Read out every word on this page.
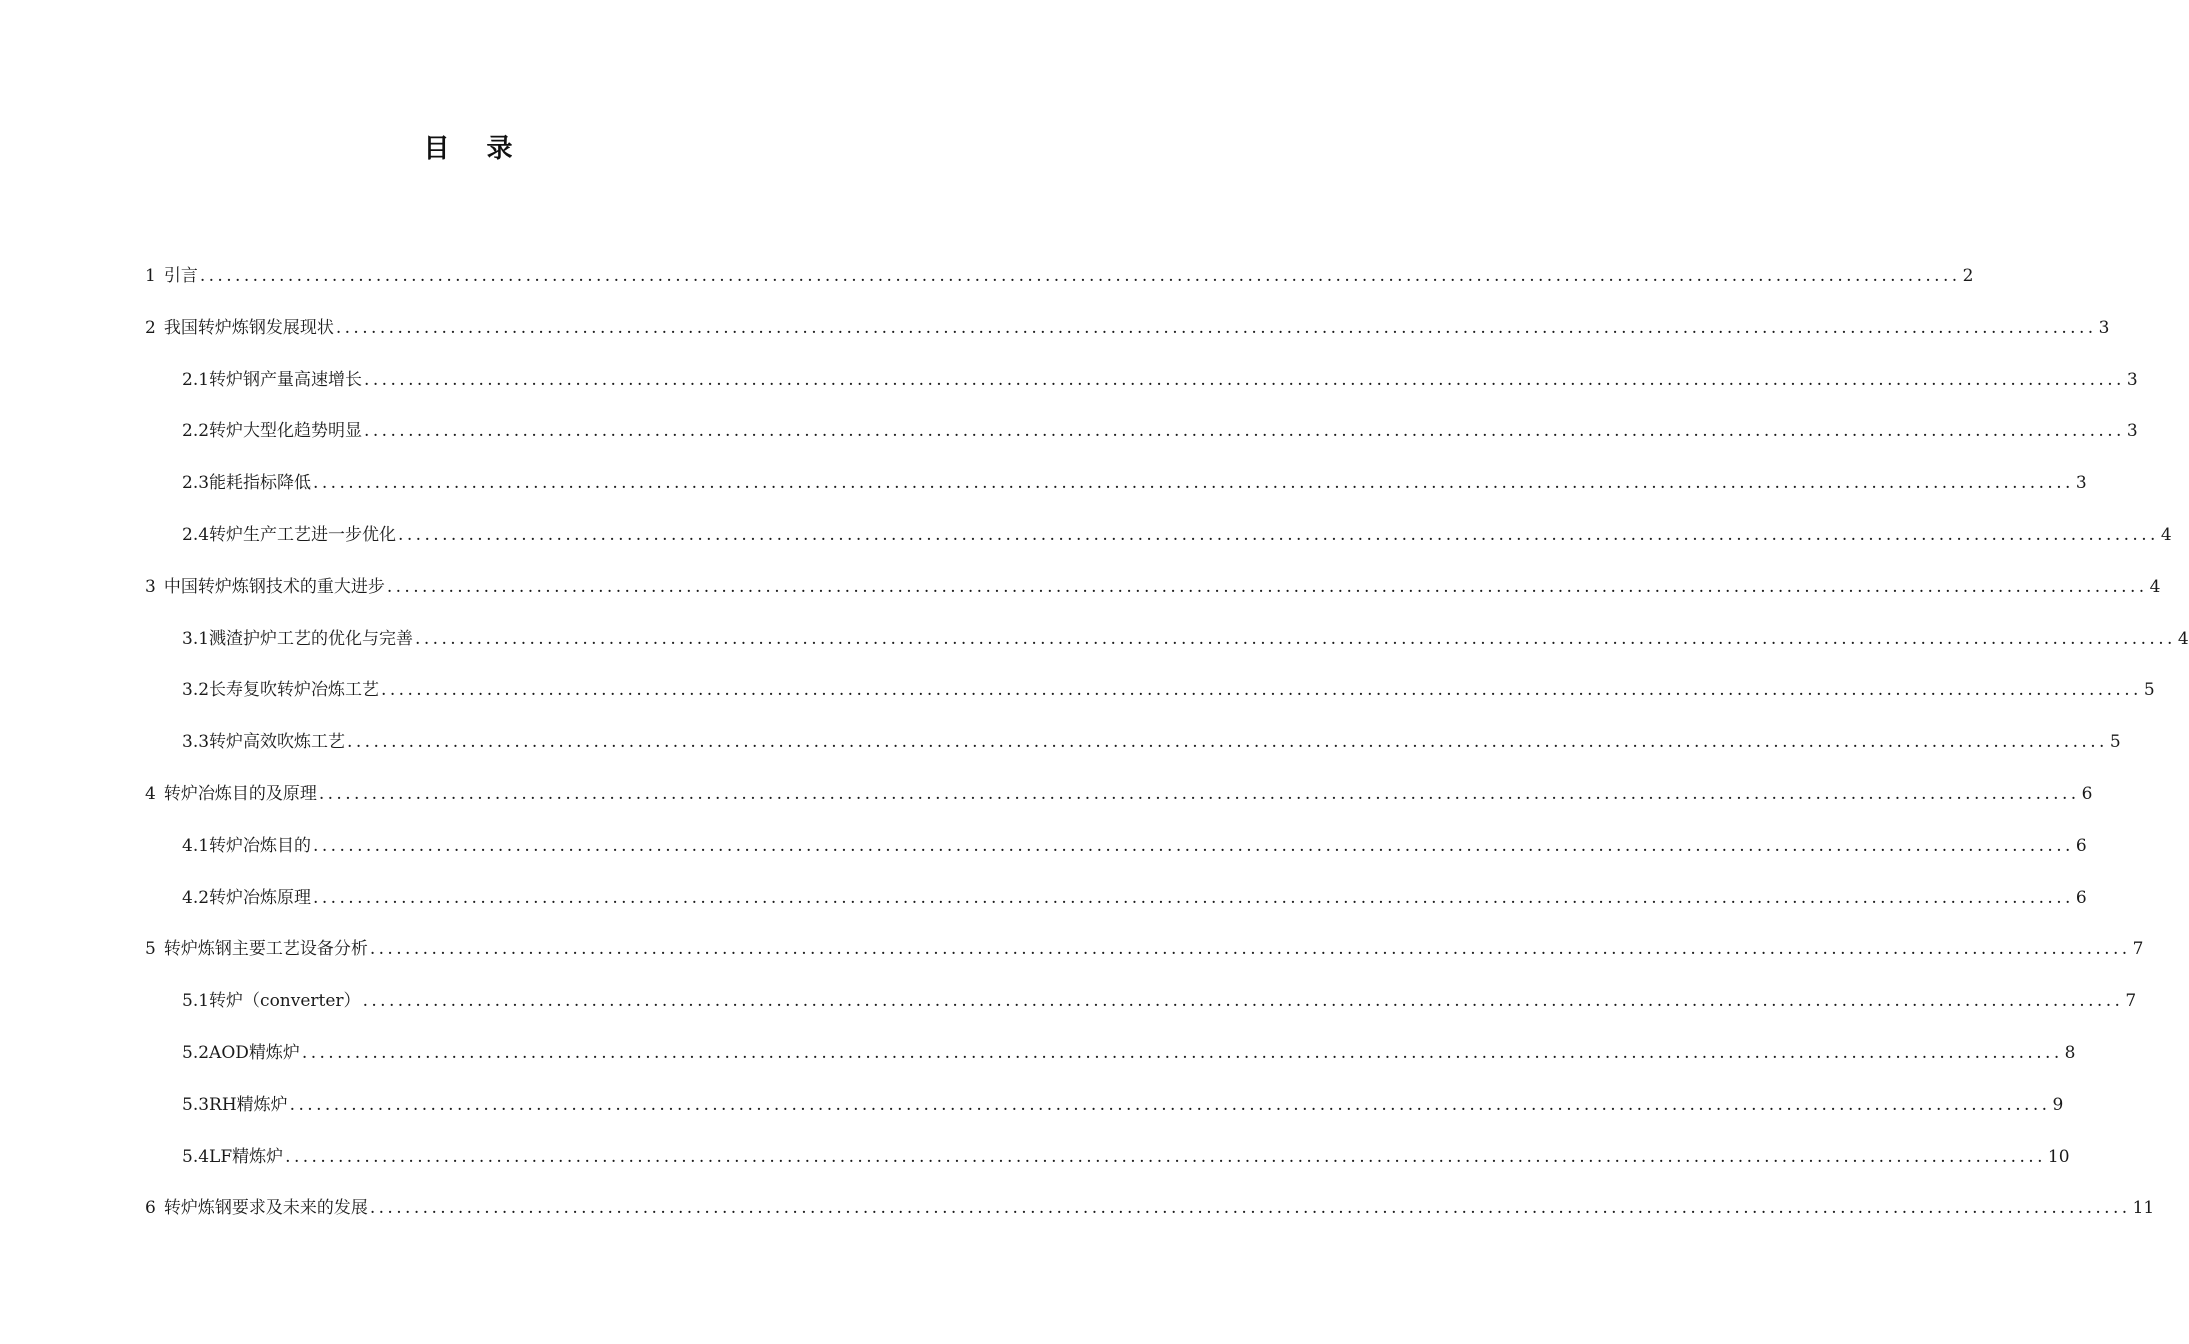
目 录
1 引言 ........................................................................................................................................................................................................ 2
2 我国转炉炼钢发展现状 ........................................................................................................................................................................................................ 3
2.1 转炉钢产量高速增长 ........................................................................................................................................................................................................ 3
2.2 转炉大型化趋势明显 ........................................................................................................................................................................................................ 3
2.3 能耗指标降低 ........................................................................................................................................................................................................ 3
2.4 转炉生产工艺进一步优化 ........................................................................................................................................................................................................ 4
3 中国转炉炼钢技术的重大进步 ........................................................................................................................................................................................................ 4
3.1 溅渣护炉工艺的优化与完善 ........................................................................................................................................................................................................ 4
3.2 长寿复吹转炉冶炼工艺 ........................................................................................................................................................................................................ 5
3.3 转炉高效吹炼工艺 ........................................................................................................................................................................................................ 5
4 转炉冶炼目的及原理 ........................................................................................................................................................................................................ 6
4.1 转炉冶炼目的 ........................................................................................................................................................................................................ 6
4.2 转炉冶炼原理 ........................................................................................................................................................................................................ 6
5 转炉炼钢主要工艺设备分析 ........................................................................................................................................................................................................ 7
5.1 转炉（converter） ........................................................................................................................................................................................................ 7
5.2 AOD精炼炉 ........................................................................................................................................................................................................ 8
5.3 RH精炼炉 ........................................................................................................................................................................................................ 9
5.4 LF精炼炉 ........................................................................................................................................................................................................ 10
6 转炉炼钢要求及未来的发展 ........................................................................................................................................................................................................ 11
